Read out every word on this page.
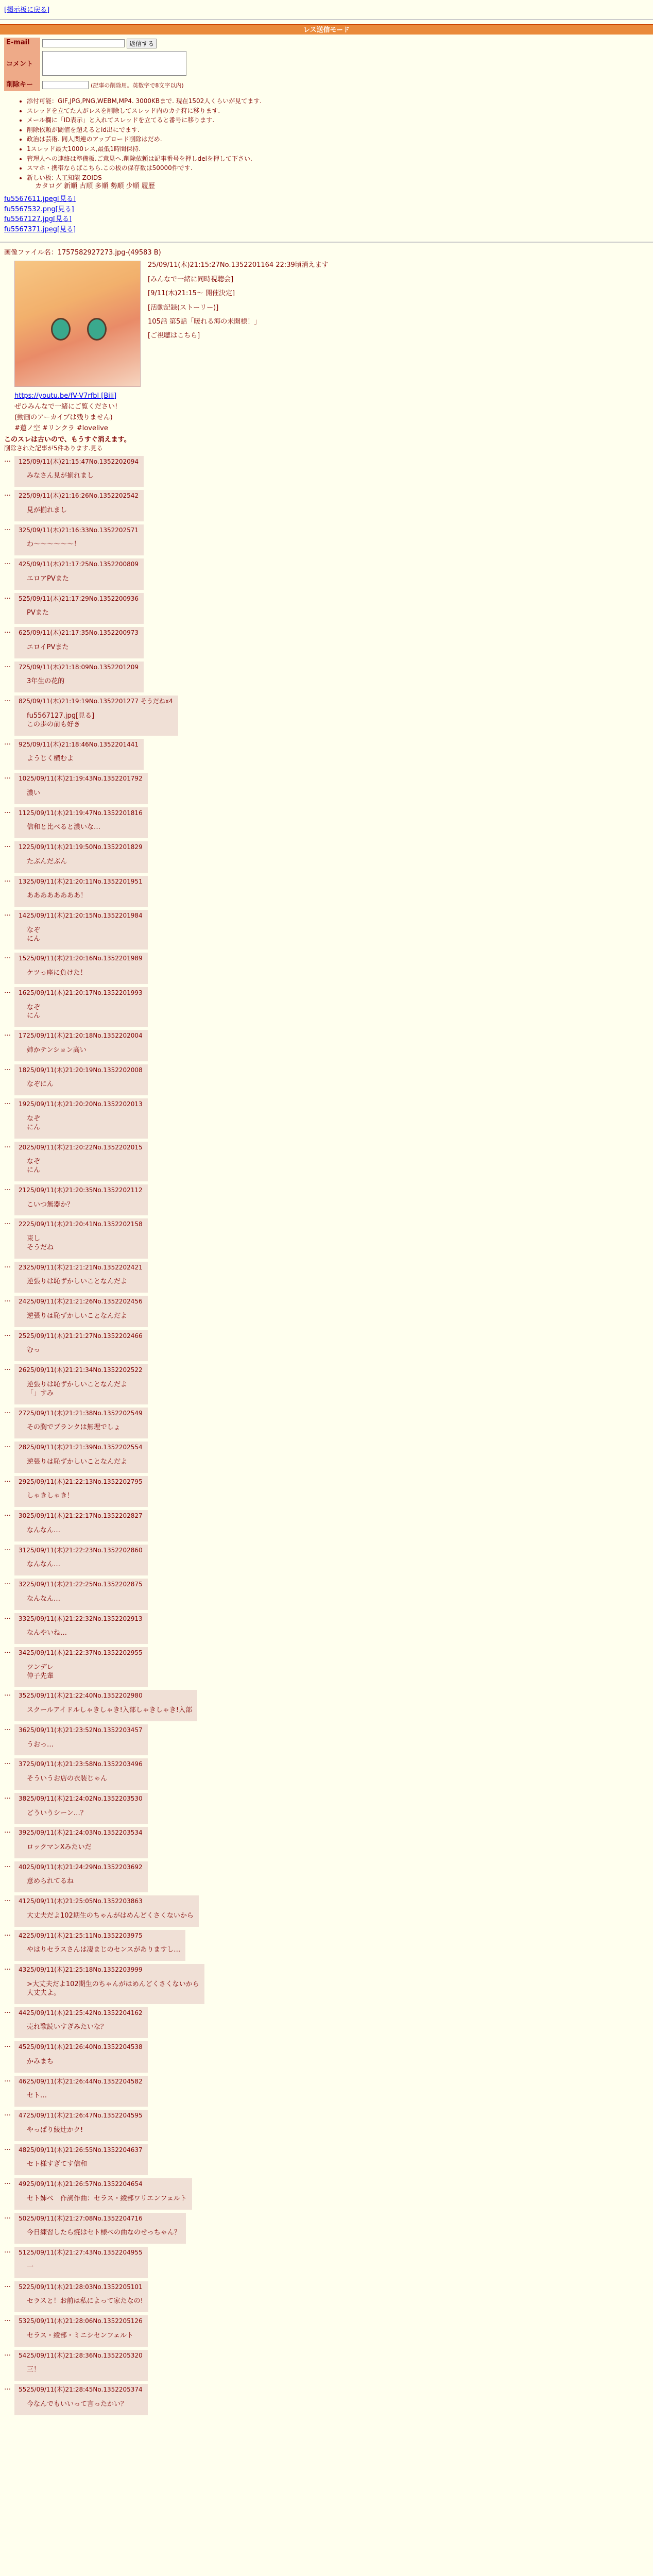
[掲示板に戻る]
レス送信モード
E-mail	返信する
コメント	
削除キー	(記事の削除用。英数字で8文字以内)
• 添付可能：GIF,JPG,PNG,WEBM,MP4. 3000KBまで. 現在1502人くらいが見てます.
• スレッドを立てた人がレスを削除してスレッド内のカナ狩に移ります.
• メール欄に「ID表示」と入れてスレッドを立てると番号に移ります.
• 削除依頼が閾値を超えるとid出にでます.
• 政治は芸術. 同人関連のアップロード削除はだめ.
• 1スレッド最大1000レス,最低1時間保持.
• 管理人への連絡は準備板.ご意見へ.削除依頼は記事番号を押しdelを押して下さい.
• スマホ・携帯ならばこちら.この板の保存数は50000件です.
• 新しい板: 人工知能 ZOIDS
カタログ 新順 古順 多順 勢順 少順 履歴
fu5567611.jpeg[見る]
fu5567532.png[見る]
fu5567127.jpg[見る]
fu5567371.jpeg[見る]
画像ファイル名：1757582927273.jpg-(49583 B)

25/09/11(木)21:15:27No.1352201164 22:39頃消えます

[みんなで一緒に同時視聴会]

[9/11(木)21:15〜 開催決定]

[活動記録(ストーリー)]

105話 第5話「暖れる海の未開様！」

[ご視聴はこちら]

https://youtu.be/fV-V7rfbl [Bili]
ぜひみんなで一緒にご覧ください!
(動画のアーカイブは残りません)
#蓮ノ空 #リンクラ #lovelive
このスレは古いので、もうすぐ消えます。
削除された記事が5件あります.見る
…	125/09/11(木)21:15:47No.1352202094
みなさん見が揃れまし
…	225/09/11(木)21:16:26No.1352202542
見が揃れまし
…	325/09/11(木)21:16:33No.1352202571
わ〜〜〜〜〜〜！
…	425/09/11(木)21:17:25No.1352200809
エロアPVまた
…	525/09/11(木)21:17:29No.1352200936
PVまた
…	625/09/11(木)21:17:35No.1352200973
エロイPVまた
…	725/09/11(木)21:18:09No.1352201209
3年生の花的
…	825/09/11(木)21:19:19No.1352201277 そうだねx4
fu5567127.jpg[見る]
この歩の前も好き
…	925/09/11(木)21:18:46No.1352201441
ようじく横むよ
…	1025/09/11(木)21:19:43No.1352201792
濃い
…	1125/09/11(木)21:19:47No.1352201816
信和と比べると濃いな…
…	1225/09/11(木)21:19:50No.1352201829
たぶんだぶん
…	1325/09/11(木)21:20:11No.1352201951
ああああああああ！
…	1425/09/11(木)21:20:15No.1352201984
なぞ
にん
…	1525/09/11(木)21:20:16No.1352201989
ケツっ座に負けた！
…	1625/09/11(木)21:20:17No.1352201993
なぞ
にん
…	1725/09/11(木)21:20:18No.1352202004
姉かテンション高い
…	1825/09/11(木)21:20:19No.1352202008
なぞにん
…	1925/09/11(木)21:20:20No.1352202013
なぞ
にん
…	2025/09/11(木)21:20:22No.1352202015
なぞ
にん
…	2125/09/11(木)21:20:35No.1352202112
こいつ無器か？
…	2225/09/11(木)21:20:41No.1352202158
束し
そうだね
…	2325/09/11(木)21:21:21No.1352202421
逆張りは恥ずかしいことなんだよ
…	2425/09/11(木)21:21:26No.1352202456
逆張りは恥ずかしいことなんだよ
…	2525/09/11(木)21:21:27No.1352202466
むっ
…	2625/09/11(木)21:21:34No.1352202522
逆張りは恥ずかしいことなんだよ
「」すみ
…	2725/09/11(木)21:21:38No.1352202549
その胸でブランクは無理でしょ
…	2825/09/11(木)21:21:39No.1352202554
逆張りは恥ずかしいことなんだよ
…	2925/09/11(木)21:22:13No.1352202795
しゃきしゃき！
…	3025/09/11(木)21:22:17No.1352202827
なんなん…
…	3125/09/11(木)21:22:23No.1352202860
なんなん…
…	3225/09/11(木)21:22:25No.1352202875
なんなん…
…	3325/09/11(木)21:22:32No.1352202913
なんやいね…
…	3425/09/11(木)21:22:37No.1352202955
ツンデレ
仲子先輩
…	3525/09/11(木)21:22:40No.1352202980
スクールアイドルしゃきしゃき!入部しゃきしゃき!入部
…	3625/09/11(木)21:23:52No.1352203457
うおっ…
…	3725/09/11(木)21:23:58No.1352203496
そういうお店の衣装じゃん
…	3825/09/11(木)21:24:02No.1352203530
どういうシーン…？
…	3925/09/11(木)21:24:03No.1352203534
ロックマンXみたいだ
…	4025/09/11(木)21:24:29No.1352203692
意められてるね
…	4125/09/11(木)21:25:05No.1352203863
大丈夫だよ102期生のちゃんがはめんどくさくないから
…	4225/09/11(木)21:25:11No.1352203975
やはりセラスさんは凄まじのセンスがありますし…
…	4325/09/11(木)21:25:18No.1352203999
>大丈夫だよ102期生のちゃんがはめんどくさくないから
大丈夫よ。
…	4425/09/11(木)21:25:42No.1352204162
売れ歌読いすぎみたいな？
…	4525/09/11(木)21:26:40No.1352204538
かみまち
…	4625/09/11(木)21:26:44No.1352204582
セト…
…	4725/09/11(木)21:26:47No.1352204595
やっぱり綾辻かク!
…	4825/09/11(木)21:26:55No.1352204637
セト様すぎてす信和
…	4925/09/11(木)21:26:57No.1352204654
セト姉べ　作詞作曲：セラス・綾部ワリエンフェルト
…	5025/09/11(木)21:27:08No.1352204716
今日練習したら焼はセト様べの曲なのせっちゃん？
…	5125/09/11(木)21:27:43No.1352204955
一
…	5225/09/11(木)21:28:03No.1352205101
セラスと！お前は私によって家たなの!
…	5325/09/11(木)21:28:06No.1352205126
セラス・綾部・ミニシセンフェルト
…	5425/09/11(木)21:28:36No.1352205320
三！
…	5525/09/11(木)21:28:45No.1352205374
今なんでもいいって言ったかい？
